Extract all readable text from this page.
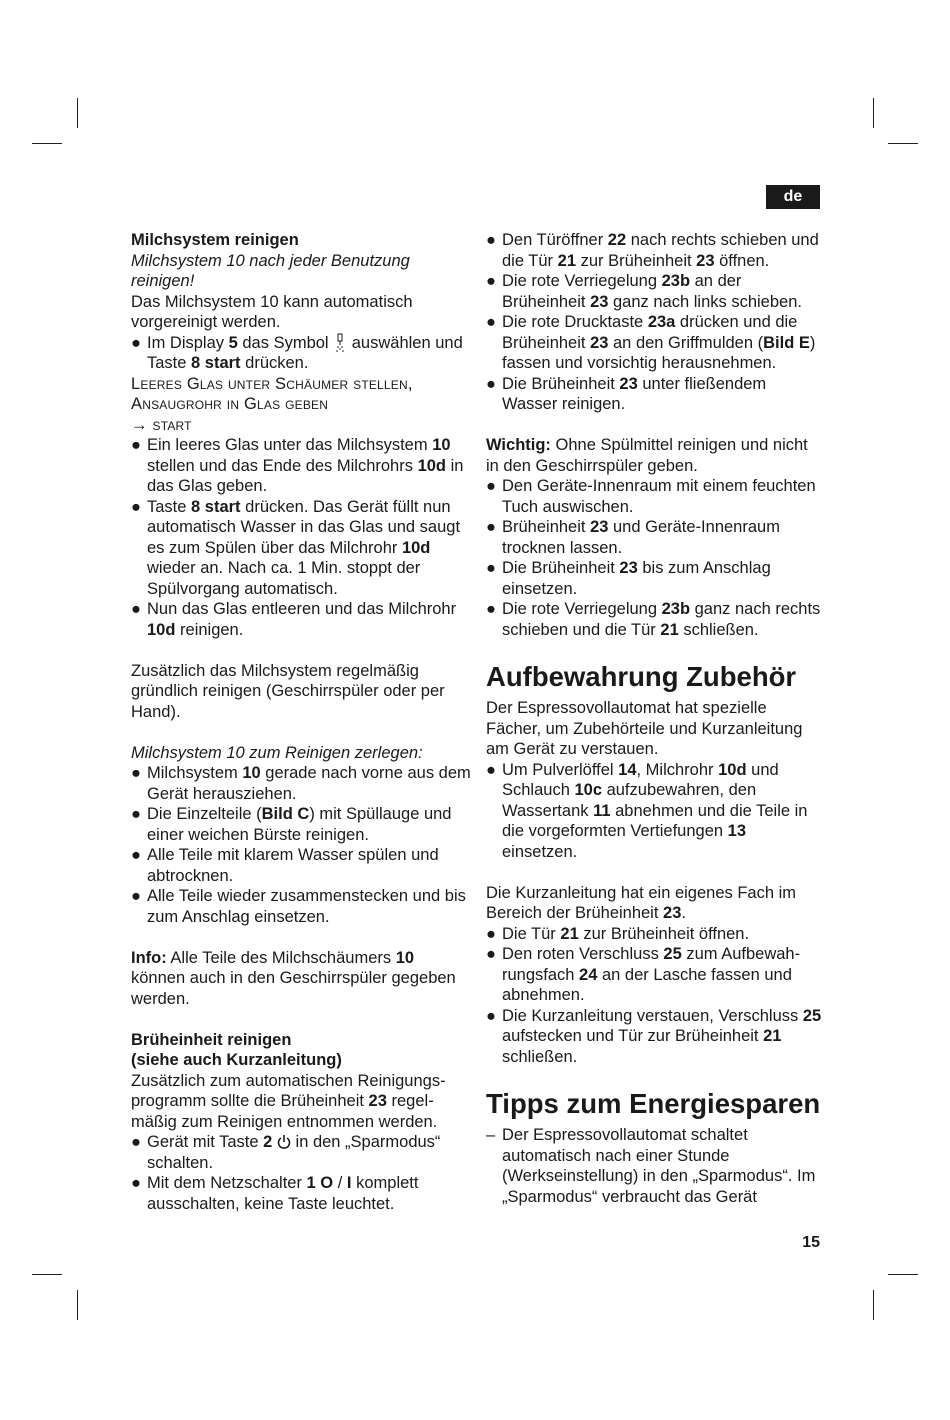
de

Milchsystem reinigen

Milchsystem 10 nach jeder Benutzung reinigen!

Das Milchsystem 10 kann automatisch vorgereinigt werden.

● Im Display 5 das Symbol  auswählen und Taste 8 start drücken.

Leeres Glas unter Schäumer stellen, Ansaugrohr in Glas geben

→ start

● Ein leeres Glas unter das Milchsystem 10 stellen und das Ende des Milchrohrs 10d in das Glas geben.
● Taste 8 start drücken. Das Gerät füllt nun automatisch Wasser in das Glas und saugt es zum Spülen über das Milchrohr 10d wieder an. Nach ca. 1 Min. stoppt der Spülvorgang automatisch.
● Nun das Glas entleeren und das Milchrohr 10d reinigen.

Zusätzlich das Milchsystem regelmäßig gründlich reinigen (Geschirrspüler oder per Hand).

Milchsystem 10 zum Reinigen zerlegen:

● Milchsystem 10 gerade nach vorne aus dem Gerät herausziehen.
● Die Einzelteile (Bild C) mit Spüllauge und einer weichen Bürste reinigen.
● Alle Teile mit klarem Wasser spülen und abtrocknen.
● Alle Teile wieder zusammenstecken und bis zum Anschlag einsetzen.

Info: Alle Teile des Milchschäumers 10 können auch in den Geschirrspüler gegeben werden.

Brüheinheit reinigen

(siehe auch Kurzanleitung)

Zusätzlich zum automatischen Reinigungsprogramm sollte die Brüheinheit 23 regelmäßig zum Reinigen entnommen werden.

● Gerät mit Taste 2  in den „Sparmodus“ schalten.
● Mit dem Netzschalter 1 O / I komplett ausschalten, keine Taste leuchtet.
● Den Türöffner 22 nach rechts schieben und die Tür 21 zur Brüheinheit 23 öffnen.
● Die rote Verriegelung 23b an der Brüheinheit 23 ganz nach links schieben.
● Die rote Drucktaste 23a drücken und die Brüheinheit 23 an den Griffmulden (Bild E) fassen und vorsichtig herausnehmen.
● Die Brüheinheit 23 unter fließendem Wasser reinigen.

Wichtig: Ohne Spülmittel reinigen und nicht in den Geschirrspüler geben.

● Den Geräte-Innenraum mit einem feuchten Tuch auswischen.
● Brüheinheit 23 und Geräte-Innenraum trocknen lassen.
● Die Brüheinheit 23 bis zum Anschlag einsetzen.
● Die rote Verriegelung 23b ganz nach rechts schieben und die Tür 21 schließen.

Aufbewahrung Zubehör

Der Espressovollautomat hat spezielle Fächer, um Zubehörteile und Kurzanleitung am Gerät zu verstauen.

● Um Pulverlöffel 14, Milchrohr 10d und Schlauch 10c aufzubewahren, den Wassertank 11 abnehmen und die Teile in die vorgeformten Vertiefungen 13 einsetzen.

Die Kurzanleitung hat ein eigenes Fach im Bereich der Brüheinheit 23.

● Die Tür 21 zur Brüheinheit öffnen.
● Den roten Verschluss 25 zum Aufbewahrungsfach 24 an der Lasche fassen und abnehmen.
● Die Kurzanleitung verstauen, Verschluss 25 aufstecken und Tür zur Brüheinheit 21 schließen.

Tipps zum Energiesparen

– Der Espressovollautomat schaltet automatisch nach einer Stunde (Werkseinstellung) in den „Sparmodus“. Im „Sparmodus“ verbraucht das Gerät
15
